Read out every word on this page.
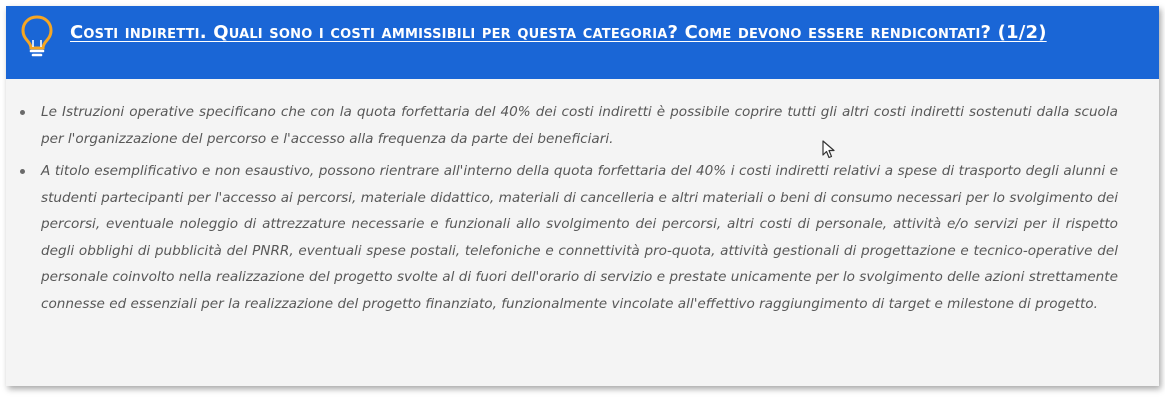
Costi indiretti. Quali sono i costi ammissibili per questa categoria? Come devono essere rendicontati? (1/2)
Le Istruzioni operative specificano che con la quota forfettaria del 40% dei costi indiretti è possibile coprire tutti gli altri costi indiretti sostenuti dalla scuola per l'organizzazione del percorso e l'accesso alla frequenza da parte dei beneficiari.
A titolo esemplificativo e non esaustivo, possono rientrare all'interno della quota forfettaria del 40% i costi indiretti relativi a spese di trasporto degli alunni e studenti partecipanti per l'accesso ai percorsi, materiale didattico, materiali di cancelleria e altri materiali o beni di consumo necessari per lo svolgimento dei percorsi, eventuale noleggio di attrezzature necessarie e funzionali allo svolgimento dei percorsi, altri costi di personale, attività e/o servizi per il rispetto degli obblighi di pubblicità del PNRR, eventuali spese postali, telefoniche e connettività pro-quota, attività gestionali di progettazione e tecnico-operative del personale coinvolto nella realizzazione del progetto svolte al di fuori dell'orario di servizio e prestate unicamente per lo svolgimento delle azioni strettamente connesse ed essenziali per la realizzazione del progetto finanziato, funzionalmente vincolate all'effettivo raggiungimento di target e milestone di progetto.
